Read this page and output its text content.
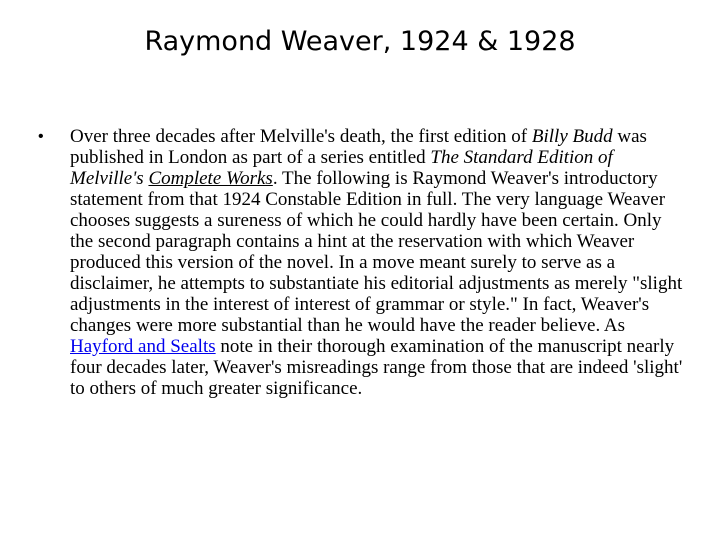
Raymond Weaver, 1924 & 1928
• Over three decades after Melville's death, the first edition of Billy Budd was published in London as part of a series entitled The Standard Edition of Melville's Complete Works. The following is Raymond Weaver's introductory statement from that 1924 Constable Edition in full. The very language Weaver chooses suggests a sureness of which he could hardly have been certain. Only the second paragraph contains a hint at the reservation with which Weaver produced this version of the novel. In a move meant surely to serve as a disclaimer, he attempts to substantiate his editorial adjustments as merely "slight adjustments in the interest of interest of grammar or style." In fact, Weaver's changes were more substantial than he would have the reader believe. As Hayford and Sealts note in their thorough examination of the manuscript nearly four decades later, Weaver's misreadings range from those that are indeed 'slight' to others of much greater significance.
